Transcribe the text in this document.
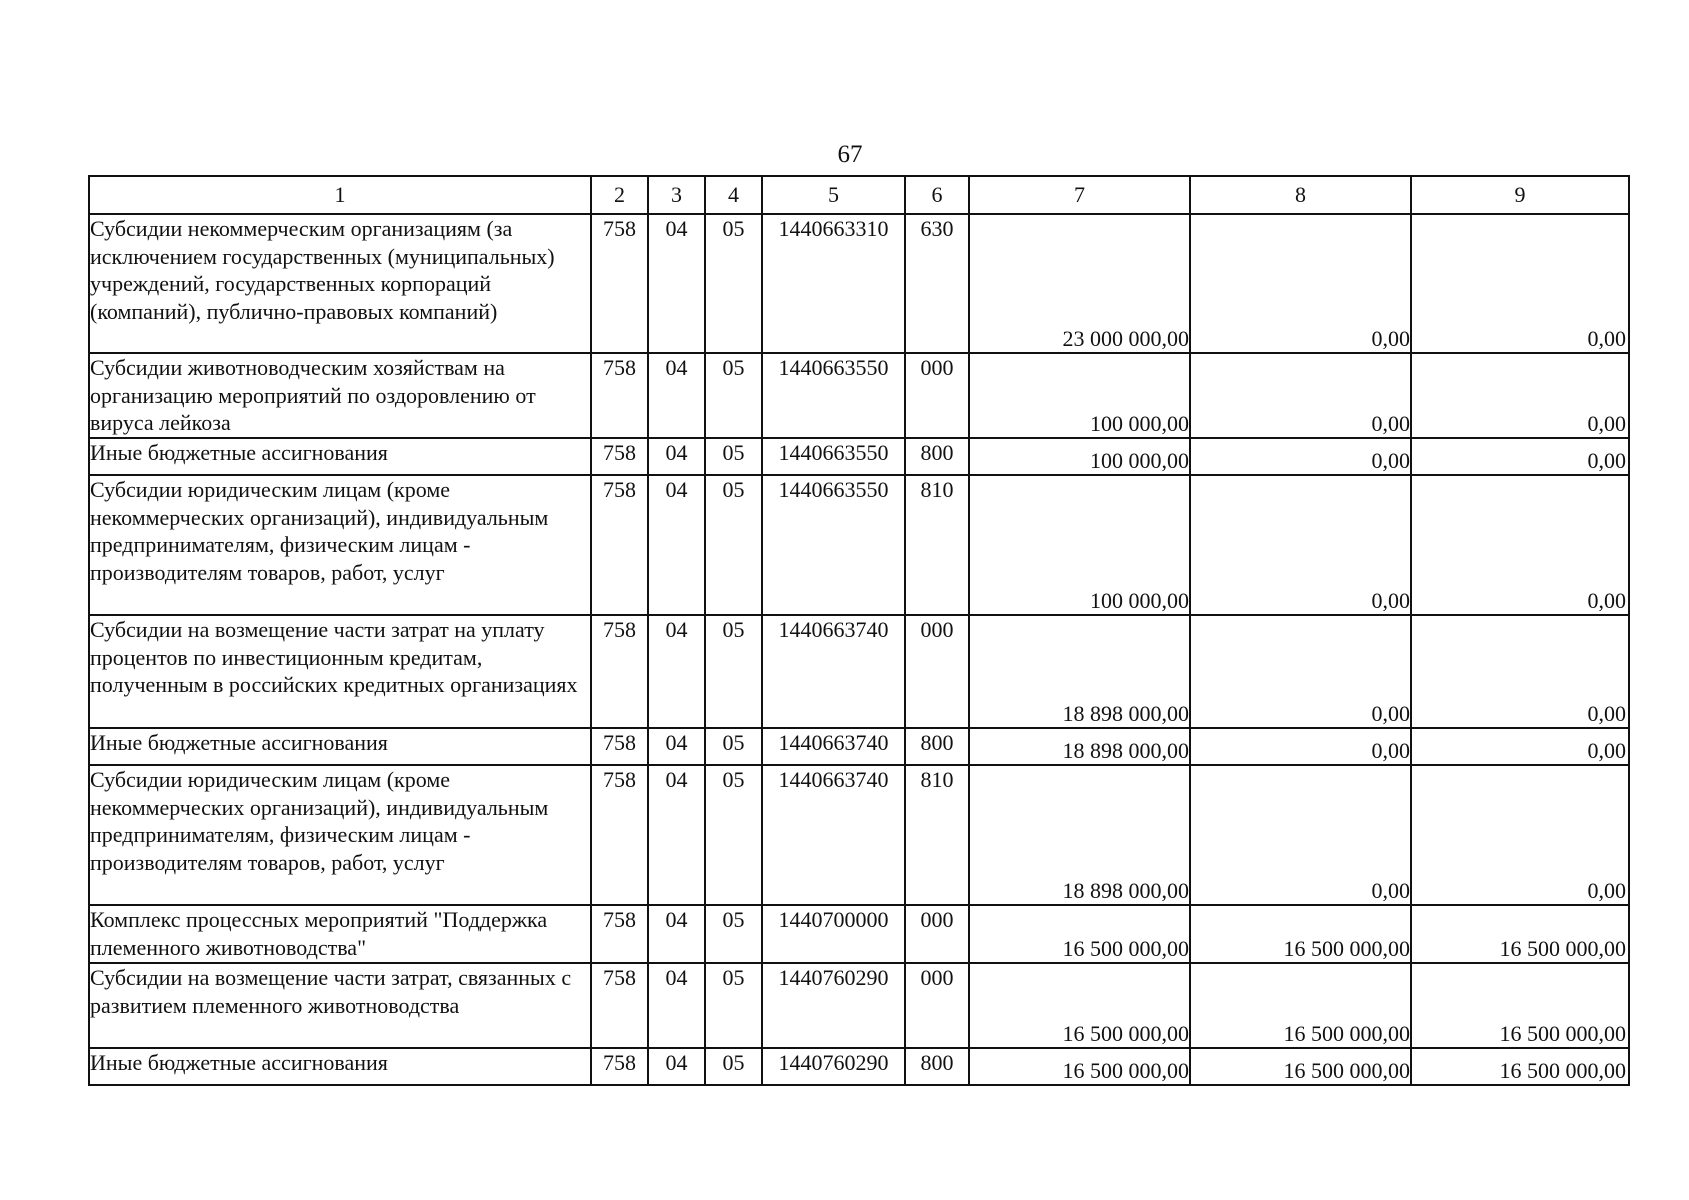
67
1	2	3	4	5	6	7	8	9
Субсидии некоммерческим организациям (за исключением государственных (муниципальных) учреждений, государственных корпораций (компаний), публично-правовых компаний)	758	04	05	1440663310	630	23 000 000,00	0,00	0,00
Субсидии животноводческим хозяйствам на организацию мероприятий по оздоровлению от вируса лейкоза	758	04	05	1440663550	000	100 000,00	0,00	0,00
Иные бюджетные ассигнования	758	04	05	1440663550	800	100 000,00	0,00	0,00
Субсидии юридическим лицам (кроме некоммерческих организаций), индивидуальным предпринимателям, физическим лицам - производителям товаров, работ, услуг	758	04	05	1440663550	810	100 000,00	0,00	0,00
Субсидии на возмещение части затрат на уплату процентов по инвестиционным кредитам, полученным в российских кредитных организациях	758	04	05	1440663740	000	18 898 000,00	0,00	0,00
Иные бюджетные ассигнования	758	04	05	1440663740	800	18 898 000,00	0,00	0,00
Субсидии юридическим лицам (кроме некоммерческих организаций), индивидуальным предпринимателям, физическим лицам - производителям товаров, работ, услуг	758	04	05	1440663740	810	18 898 000,00	0,00	0,00
Комплекс процессных мероприятий "Поддержка племенного животноводства"	758	04	05	1440700000	000	16 500 000,00	16 500 000,00	16 500 000,00
Субсидии на возмещение части затрат, связанных с развитием племенного животноводства	758	04	05	1440760290	000	16 500 000,00	16 500 000,00	16 500 000,00
Иные бюджетные ассигнования	758	04	05	1440760290	800	16 500 000,00	16 500 000,00	16 500 000,00
